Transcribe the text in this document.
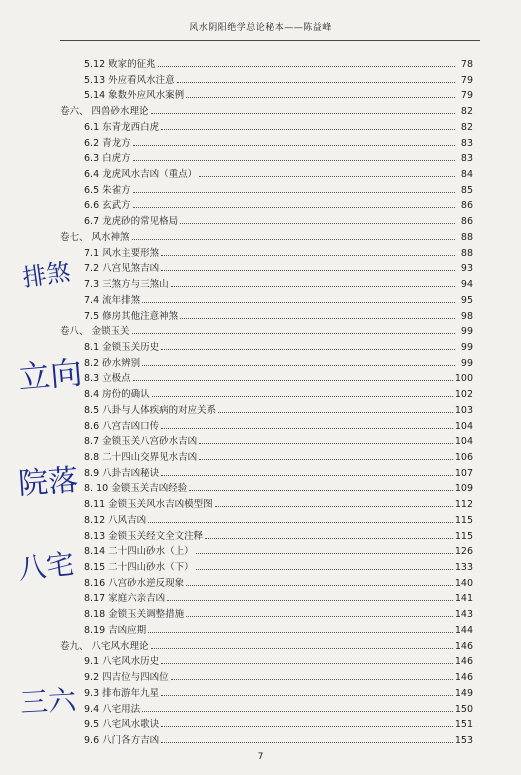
风水阴阳绝学总论秘本——陈益峰
5.12 败家的征兆	78
5.13 外应看风水注意	79
5.14 象数外应风水案例	79
卷六、 四兽砂水理论	82
6.1 东青龙西白虎	82
6.2 青龙方	83
6.3 白虎方	83
6.4 龙虎风水吉凶（重点）	84
6.5 朱雀方	85
6.6 玄武方	86
6.7 龙虎砂的常见格局	86
卷七、 风水神煞	88
7.1 风水主要形煞	88
7.2 八宫见煞吉凶	93
7.3 三煞方与三煞山	94
7.4 流年排煞	95
7.5 修房其他注意神煞	98
卷八、 金锁玉关	99
8.1 金锁玉关历史	99
8.2 砂水辨别	99
8.3 立极点	100
8.4 房份的确认	102
8.5 八卦与人体疾病的对应关系	103
8.6 八宫吉凶口传	104
8.7 金锁玉关八宫砂水吉凶	104
8.8 二十四山交界见水吉凶	106
8.9 八卦吉凶秘诀	107
8. 10 金锁玉关吉凶经验	109
8.11 金锁玉关风水吉凶模型图	112
8.12 八风吉凶	115
8.13 金锁玉关经文全文注释	115
8.14 二十四山砂水（上）	126
8.15 二十四山砂水（下）	133
8.16 八宫砂水逆反现象	140
8.17 家庭六亲吉凶	141
8.18 金锁玉关调整措施	143
8.19 吉凶应期	144
卷九、 八宅风水理论	146
9.1 八宅风水历史	146
9.2 四吉位与四凶位	146
9.3 排布游年九星	149
9.4 八宅用法	150
9.5 八宅风水歌诀	151
9.6 八门各方吉凶	153
排煞
立向
院落
八宅
三六
7
